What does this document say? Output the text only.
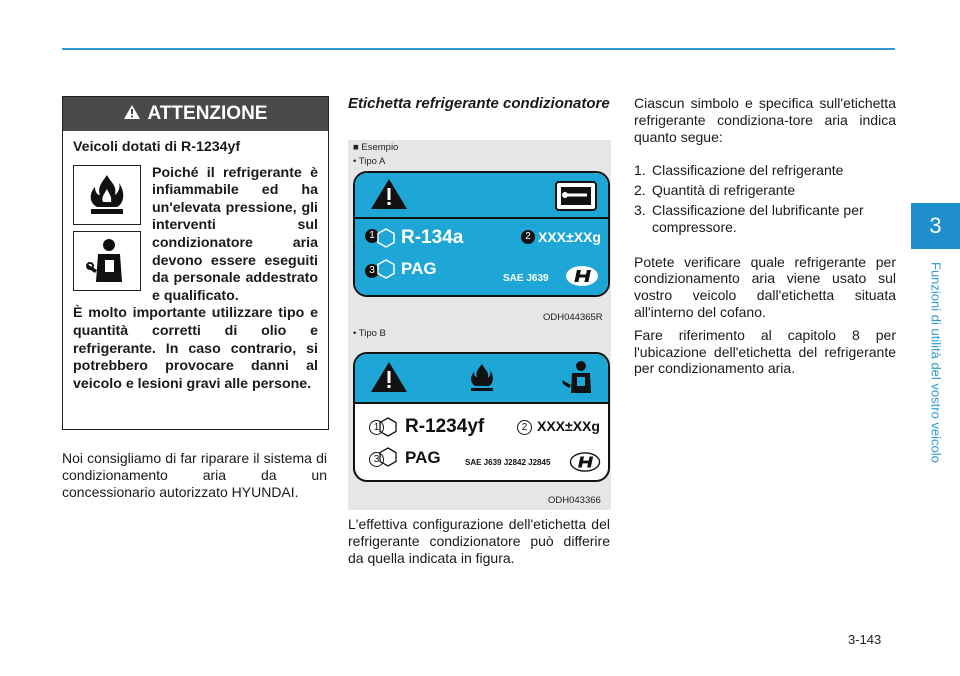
3
Funzioni di utilità del vostro veicolo
ATTENZIONE
Veicoli dotati di R-1234yf
Poiché il refrigerante è infiammabile ed ha un'elevata pressione, gli interventi sul condizionatore aria devono essere eseguiti da personale addestrato e qualificato.
È molto importante utilizzare tipo e quantità corretti di olio e refrigerante. In caso contrario, si potrebbero provocare danni al veicolo e lesioni gravi alle persone.
Noi consigliamo di far riparare il sistema di condizionamento aria da un concessionario autorizzato HYUNDAI.
Etichetta refrigerante condizionatore
■ Esempio
• Tipo A
1 R-134a	2 XXX±XXg
3 PAG
SAE J639
ODH044365R
• Tipo B
1 R-1234yf	2 XXX±XXg
3 PAG	SAE J639 J2842 J2845
ODH043366
L'effettiva configurazione dell'etichetta del refrigerante condizionatore può differire da quella indicata in figura.

Ciascun simbolo e specifica sull'etichetta refrigerante condiziona-tore aria indica quanto segue:

1. Classificazione del refrigerante
2. Quantità di refrigerante
3. Classificazione del lubrificante per compressore.

Potete verificare quale refrigerante per condizionamento aria viene usato sul vostro veicolo dall'etichetta situata all'interno del cofano.

Fare riferimento al capitolo 8 per l'ubicazione dell'etichetta del refrigerante per condizionamento aria.

3-143
